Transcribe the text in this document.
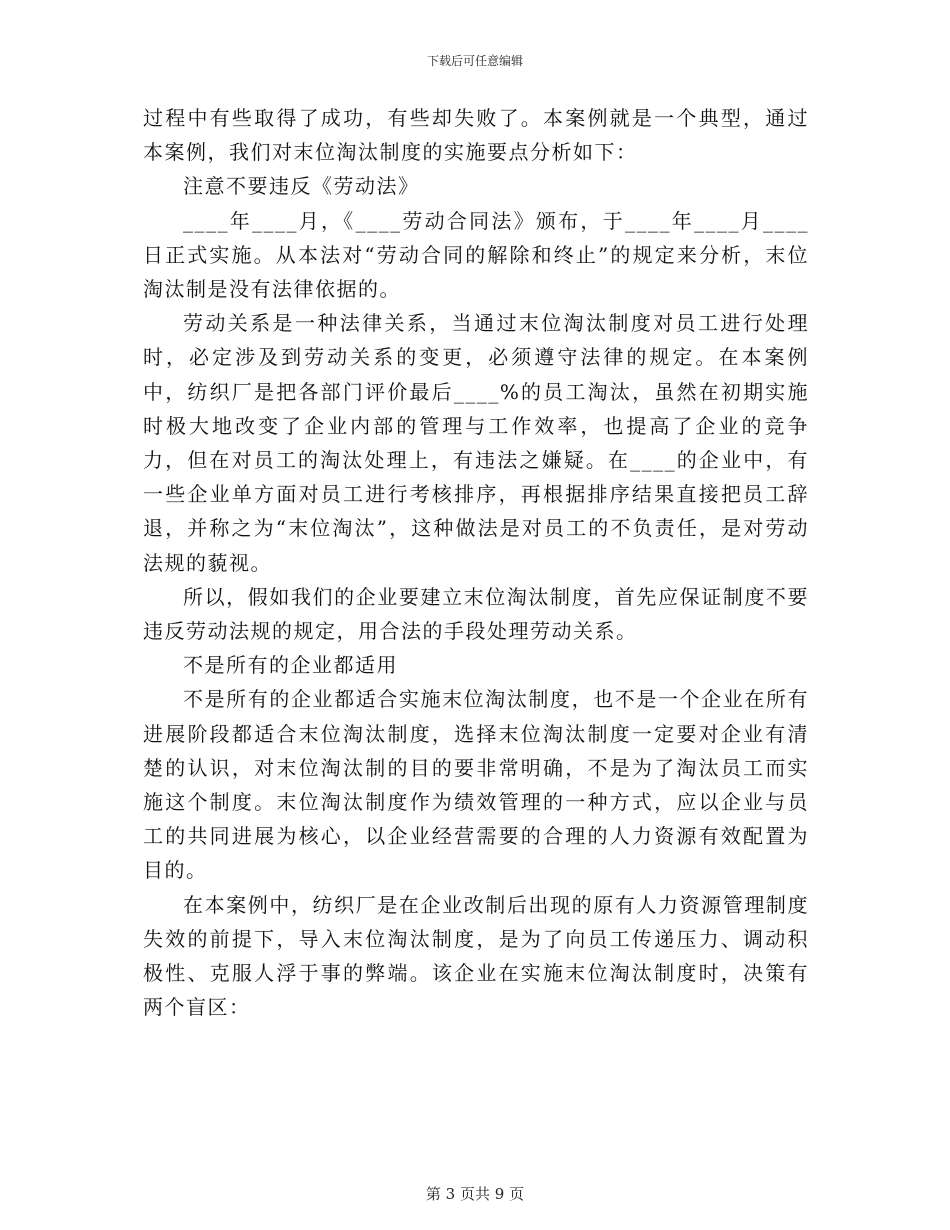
下载后可任意编辑

过程中有些取得了成功，有些却失败了。本案例就是一个典型，通过本案例，我们对末位淘汰制度的实施要点分析如下：

注意不要违反《劳动法》

____年____月，《____劳动合同法》颁布，于____年____月____日正式实施。从本法对“劳动合同的解除和终止”的规定来分析，末位淘汰制是没有法律依据的。

劳动关系是一种法律关系，当通过末位淘汰制度对员工进行处理时，必定涉及到劳动关系的变更，必须遵守法律的规定。在本案例中，纺织厂是把各部门评价最后____%的员工淘汰，虽然在初期实施时极大地改变了企业内部的管理与工作效率，也提高了企业的竞争力，但在对员工的淘汰处理上，有违法之嫌疑。在____的企业中，有一些企业单方面对员工进行考核排序，再根据排序结果直接把员工辞退，并称之为“末位淘汰”，这种做法是对员工的不负责任，是对劳动法规的藐视。

所以，假如我们的企业要建立末位淘汰制度，首先应保证制度不要违反劳动法规的规定，用合法的手段处理劳动关系。

不是所有的企业都适用

不是所有的企业都适合实施末位淘汰制度，也不是一个企业在所有进展阶段都适合末位淘汰制度，选择末位淘汰制度一定要对企业有清楚的认识，对末位淘汰制的目的要非常明确，不是为了淘汰员工而实施这个制度。末位淘汰制度作为绩效管理的一种方式，应以企业与员工的共同进展为核心，以企业经营需要的合理的人力资源有效配置为目的。

在本案例中，纺织厂是在企业改制后出现的原有人力资源管理制度失效的前提下，导入末位淘汰制度，是为了向员工传递压力、调动积极性、克服人浮于事的弊端。该企业在实施末位淘汰制度时，决策有两个盲区：

第 3 页共 9 页
